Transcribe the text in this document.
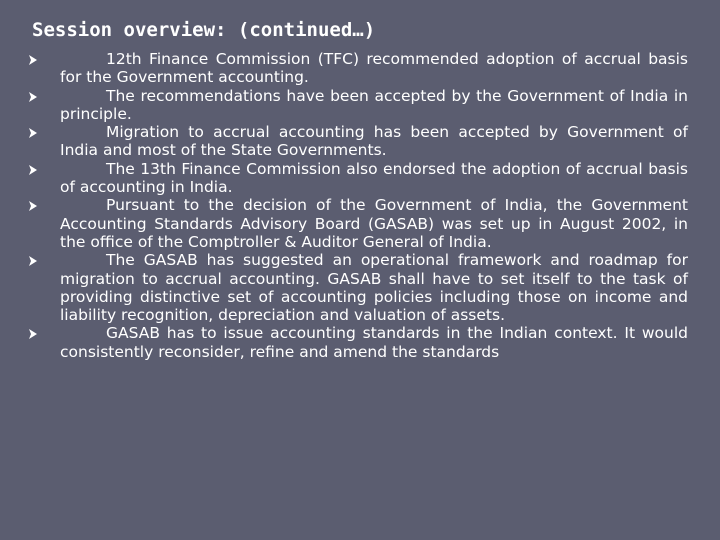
Session overview: (continued…)
12th Finance Commission (TFC) recommended adoption of accrual basis for the Government accounting.
The recommendations have been accepted by the Government of India in principle.
Migration to accrual accounting has been accepted by Government of India and most of the State Governments.
The 13th Finance Commission also endorsed the adoption of accrual basis of accounting in India.
Pursuant to the decision of the Government of India, the Government Accounting Standards Advisory Board (GASAB) was set up in August 2002, in the office of the Comptroller & Auditor General of India.
The GASAB has suggested an operational framework and roadmap for migration to accrual accounting. GASAB shall have to set itself to the task of providing distinctive set of accounting policies including those on income and liability recognition, depreciation and valuation of assets.
GASAB has to issue accounting standards in the Indian context. It would consistently reconsider, refine and amend the standards
